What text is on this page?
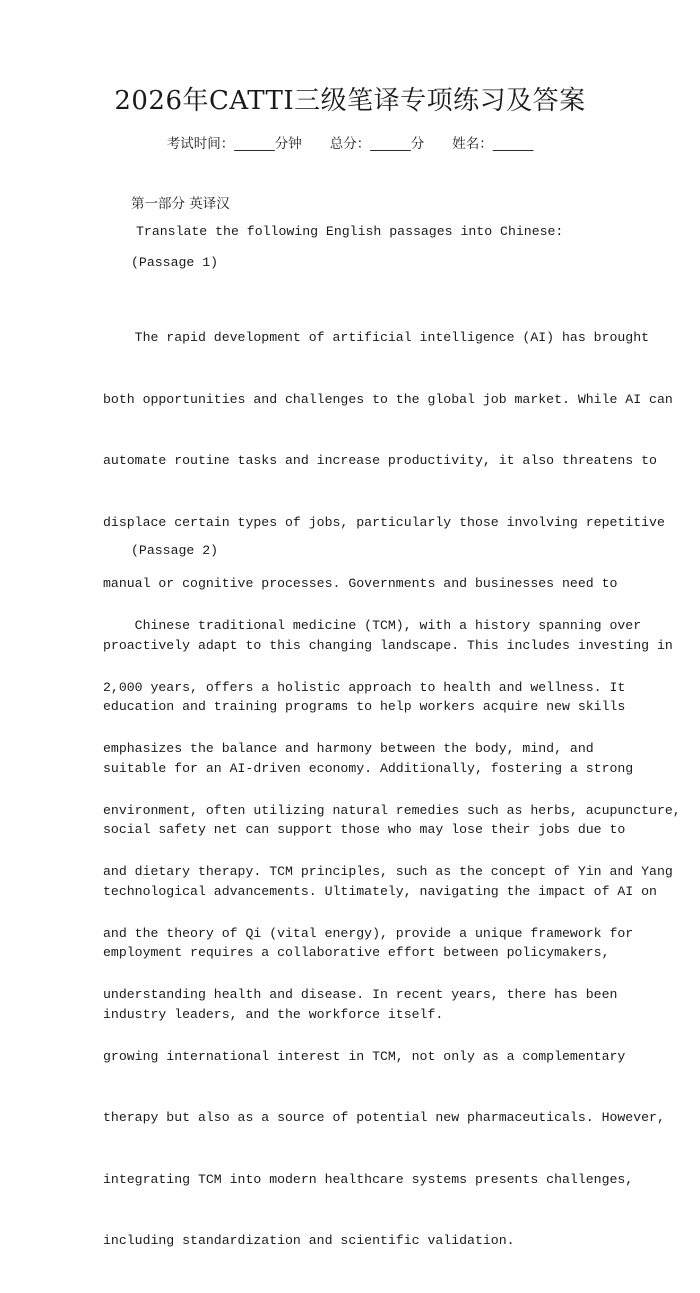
2026年CATTI三级笔译专项练习及答案
考试时间：______分钟 总分：______分 姓名：______
第一部分 英译汉
Translate the following English passages into Chinese:
(Passage 1)

The rapid development of artificial intelligence (AI) has brought

both opportunities and challenges to the global job market. While AI can

automate routine tasks and increase productivity, it also threatens to

displace certain types of jobs, particularly those involving repetitive

manual or cognitive processes. Governments and businesses need to

proactively adapt to this changing landscape. This includes investing in

education and training programs to help workers acquire new skills

suitable for an AI-driven economy. Additionally, fostering a strong

social safety net can support those who may lose their jobs due to

technological advancements. Ultimately, navigating the impact of AI on

employment requires a collaborative effort between policymakers,

industry leaders, and the workforce itself.

(Passage 2)

Chinese traditional medicine (TCM), with a history spanning over

2,000 years, offers a holistic approach to health and wellness. It

emphasizes the balance and harmony between the body, mind, and

environment, often utilizing natural remedies such as herbs, acupuncture,

and dietary therapy. TCM principles, such as the concept of Yin and Yang

and the theory of Qi (vital energy), provide a unique framework for

understanding health and disease. In recent years, there has been

growing international interest in TCM, not only as a complementary

therapy but also as a source of potential new pharmaceuticals. However,

integrating TCM into modern healthcare systems presents challenges,

including standardization and scientific validation.
